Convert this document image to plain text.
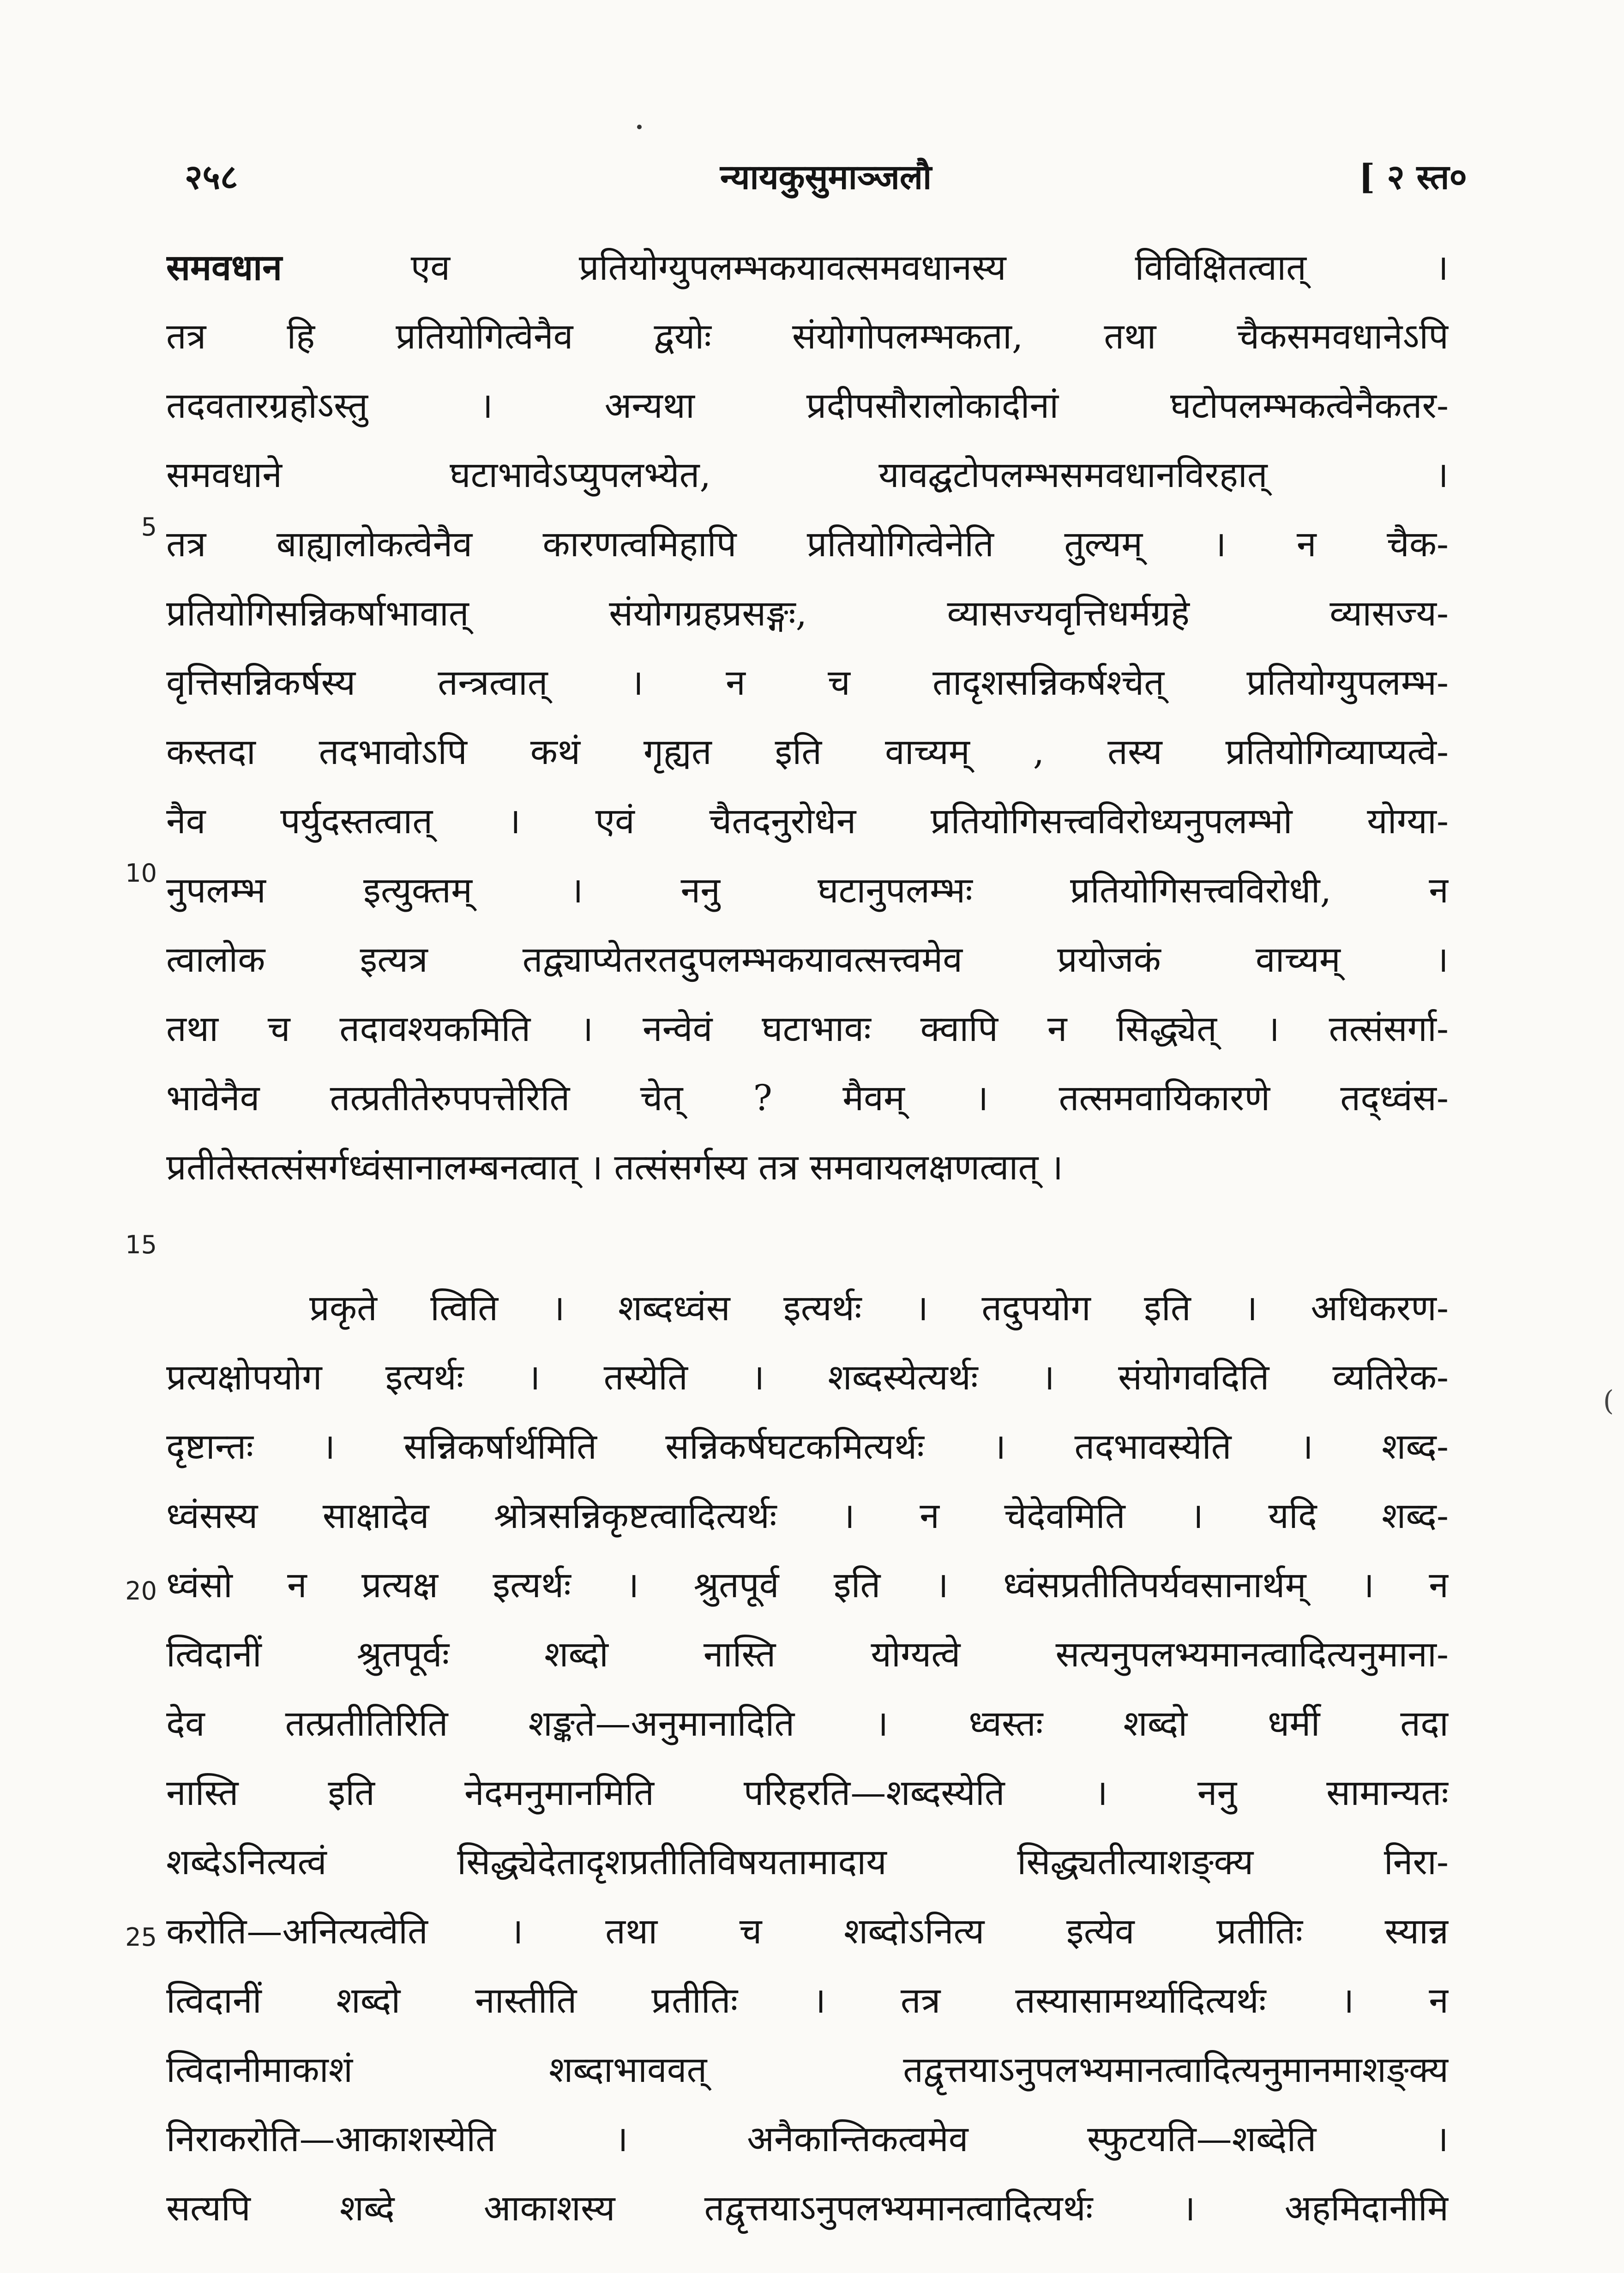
२५८	न्यायकुसुमाञ्जलौ	[ २ स्त०
5
10
15
20
25
(
समवधान एव प्रतियोग्युपलम्भकयावत्समवधानस्य विविक्षितत्वात् ।
तत्र हि प्रतियोगित्वेनैव द्वयोः संयोगोपलम्भकता, तथा चैकसमवधानेऽपि
तदवतारग्रहोऽस्तु । अन्यथा प्रदीपसौरालोकादीनां घटोपलम्भकत्वेनैकतर-
समवधाने घटाभावेऽप्युपलभ्येत, यावद्घटोपलम्भसमवधानविरहात् ।
तत्र बाह्यालोकत्वेनैव कारणत्वमिहापि प्रतियोगित्वेनेति तुल्यम् । न चैक-
प्रतियोगिसन्निकर्षाभावात् संयोगग्रहप्रसङ्गः, व्यासज्यवृत्तिधर्मग्रहे व्यासज्य-
वृत्तिसन्निकर्षस्य तन्त्रत्वात् । न च तादृशसन्निकर्षश्चेत् प्रतियोग्युपलम्भ-
कस्तदा तदभावोऽपि कथं गृह्यत इति वाच्यम् , तस्य प्रतियोगिव्याप्यत्वे-
नैव पर्युदस्तत्वात् । एवं चैतदनुरोधेन प्रतियोगिसत्त्वविरोध्यनुपलम्भो योग्या-
नुपलम्भ इत्युक्तम् । ननु घटानुपलम्भः प्रतियोगिसत्त्वविरोधी, न
त्वालोक इत्यत्र तद्व्याप्येतरतदुपलम्भकयावत्सत्त्वमेव प्रयोजकं वाच्यम् ।
तथा च तदावश्यकमिति । नन्वेवं घटाभावः क्वापि न सिद्ध्येत् । तत्संसर्गा-
भावेनैव तत्प्रतीतेरुपपत्तेरिति चेत् ? मैवम् । तत्समवायिकारणे तद्ध्वंस-
प्रतीतेस्तत्संसर्गध्वंसानालम्बनत्वात् । तत्संसर्गस्य तत्र समवायलक्षणत्वात् ।
प्रकृते त्विति । शब्दध्वंस इत्यर्थः । तदुपयोग इति । अधिकरण-
प्रत्यक्षोपयोग इत्यर्थः । तस्येति । शब्दस्येत्यर्थः । संयोगवदिति व्यतिरेक-
दृष्टान्तः । सन्निकर्षार्थमिति सन्निकर्षघटकमित्यर्थः । तदभावस्येति । शब्द-
ध्वंसस्य साक्षादेव श्रोत्रसन्निकृष्टत्वादित्यर्थः । न चेदेवमिति । यदि शब्द-
ध्वंसो न प्रत्यक्ष इत्यर्थः । श्रुतपूर्व इति । ध्वंसप्रतीतिपर्यवसानार्थम् । न
त्विदानीं श्रुतपूर्वः शब्दो नास्ति योग्यत्वे सत्यनुपलभ्यमानत्वादित्यनुमाना-
देव तत्प्रतीतिरिति शङ्कते—अनुमानादिति । ध्वस्तः शब्दो धर्मी तदा
नास्ति इति नेदमनुमानमिति परिहरति—शब्दस्येति । ननु सामान्यतः
शब्देऽनित्यत्वं सिद्ध्येदेतादृशप्रतीतिविषयतामादाय सिद्ध्यतीत्याशङ्क्य निरा-
करोति—अनित्यत्वेति । तथा च शब्दोऽनित्य इत्येव प्रतीतिः स्यान्न
त्विदानीं शब्दो नास्तीति प्रतीतिः । तत्र तस्यासामर्थ्यादित्यर्थः । न
त्विदानीमाकाशं शब्दाभाववत् तद्वृत्तयाऽनुपलभ्यमानत्वादित्यनुमानमाशङ्क्य
निराकरोति—आकाशस्येति । अनैकान्तिकत्वमेव स्फुटयति—शब्देति ।
सत्यपि शब्दे आकाशस्य तद्वृत्तयाऽनुपलभ्यमानत्वादित्यर्थः । अहमिदानीमि
